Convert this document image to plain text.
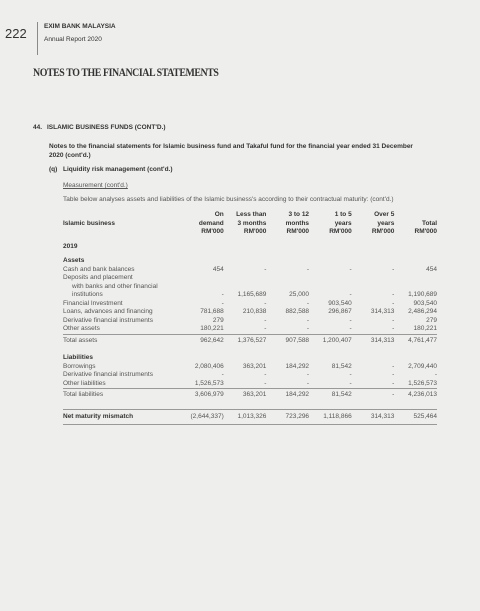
222	EXIM BANK MALAYSIA
Annual Report 2020
NOTES TO THE FINANCIAL STATEMENTS
44. ISLAMIC BUSINESS FUNDS (CONT'D.)
Notes to the financial statements for Islamic business fund and Takaful fund for the financial year ended 31 December 2020 (cont'd.)
(q) Liquidity risk management (cont'd.)
Measurement (cont'd.)
Table below analyses assets and liabilities of the Islamic business's according to their contractual maturity: (cont'd.)
	On	Less than	3 to 12	1 to 5	Over 5	
Islamic business	demand	3 months	months	years	years	Total
	RM'000	RM'000	RM'000	RM'000	RM'000	RM'000
2019						
Assets						
Cash and bank balances	454	-	-	-	-	454
Deposits and placement						
with banks and other financial						
institutions	-	1,165,689	25,000	-	-	1,190,689
Financial Investment	-	-	-	903,540	-	903,540
Loans, advances and financing	781,688	210,838	882,588	296,867	314,313	2,486,294
Derivative financial instruments	279	-	-	-	-	279
Other assets	180,221	-	-	-	-	180,221
Total assets	962,642	1,376,527	907,588	1,200,407	314,313	4,761,477
Liabilities						
Borrowings	2,080,406	363,201	184,292	81,542	-	2,709,440
Derivative financial instruments	-	-	-	-	-	-
Other liabilities	1,526,573	-	-	-	-	1,526,573
Total liabilities	3,606,979	363,201	184,292	81,542	-	4,236,013

Net maturity mismatch	(2,644,337)	1,013,326	723,296	1,118,866	314,313	525,464
